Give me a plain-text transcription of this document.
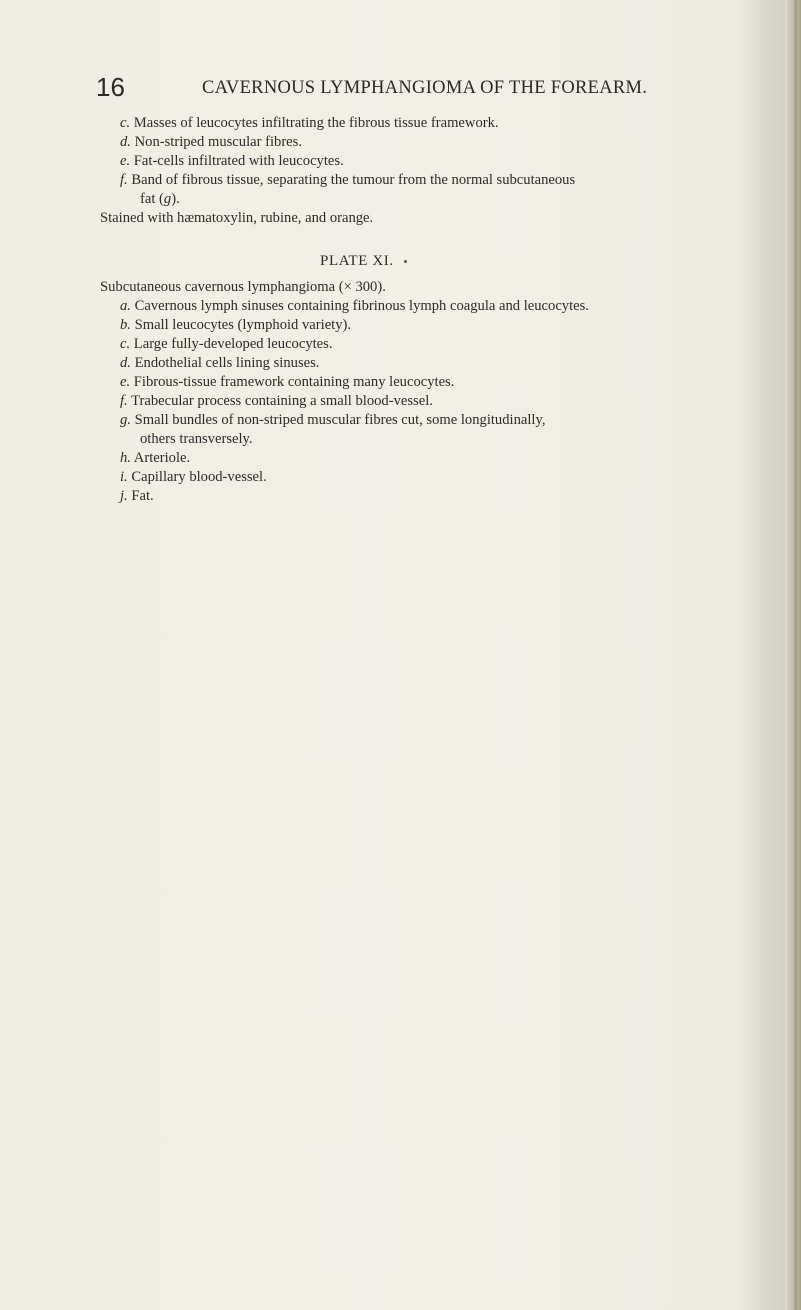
16	CAVERNOUS LYMPHANGIOMA OF THE FOREARM.
c. Masses of leucocytes infiltrating the fibrous tissue framework.
d. Non-striped muscular fibres.
e. Fat-cells infiltrated with leucocytes.
f. Band of fibrous tissue, separating the tumour from the normal subcutaneous
fat (g).
Stained with hæmatoxylin, rubine, and orange.
PLATE XI.
Subcutaneous cavernous lymphangioma (× 300).
a. Cavernous lymph sinuses containing fibrinous lymph coagula and leucocytes.
b. Small leucocytes (lymphoid variety).
c. Large fully-developed leucocytes.
d. Endothelial cells lining sinuses.
e. Fibrous-tissue framework containing many leucocytes.
f. Trabecular process containing a small blood-vessel.
g. Small bundles of non-striped muscular fibres cut, some longitudinally,
others transversely.
h. Arteriole.
i. Capillary blood-vessel.
j. Fat.
